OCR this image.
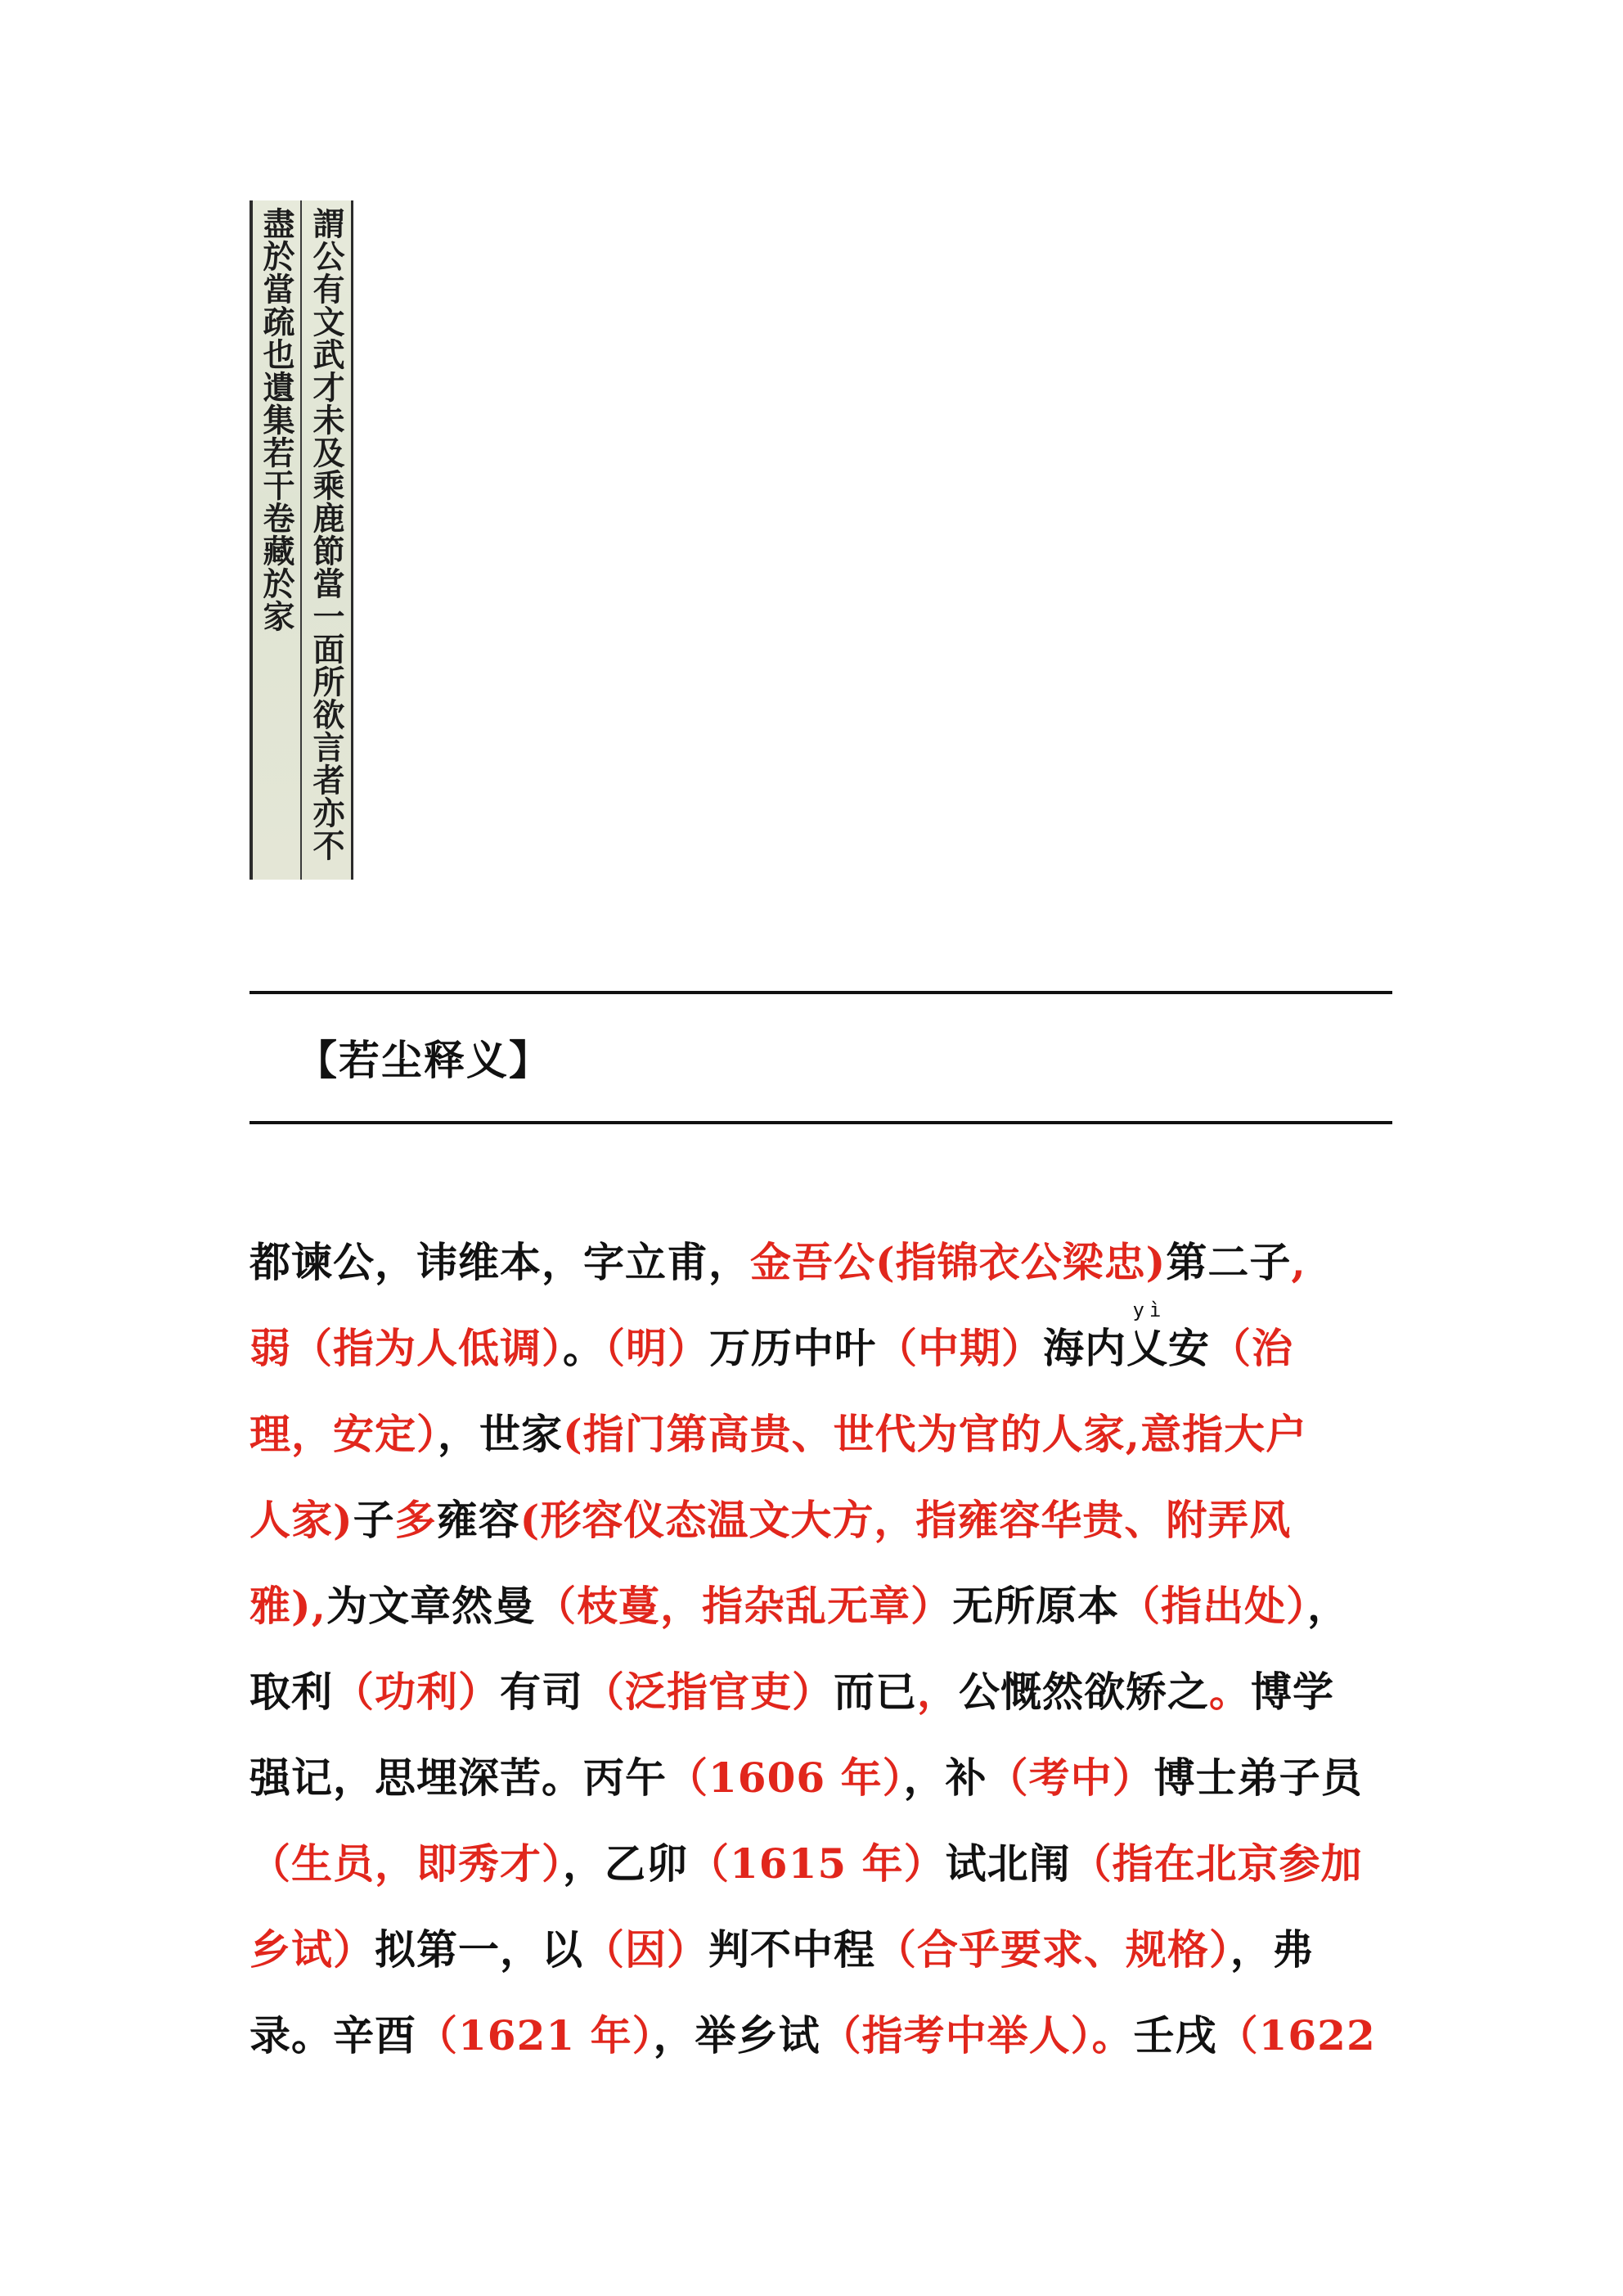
謂公有文武才未及乘鹿節當一面所欲言者亦不
盡於當疏也遺集若干卷藏於家
【若尘释义】
都谏公，讳维本，字立甫，金吾公(指锦衣公梁忠)第二子,
弱（指为人低调）。（明）万历中叶（中期）海内乂安（治
yì
理，安定），世家(指门第高贵、世代为官的人家,意指大户
人家)子多雍容(形容仪态温文大方，指雍容华贵、附弄风
雅),为文章然曼（枝蔓，指杂乱无章）无所原本（指出处），
取利（功利）有司（泛指官吏）而已，公慨然欲矫之。博学
强记，思埋深苦。丙午（1606 年），补（考中）博士弟子员
（生员，即秀才），乙卯（1615 年）试北闱（指在北京参加
乡试）拟第一，以（因）判不中程（合乎要求、规格），弗
录。辛酉（1621 年），举乡试（指考中举人）。壬戌（1622
